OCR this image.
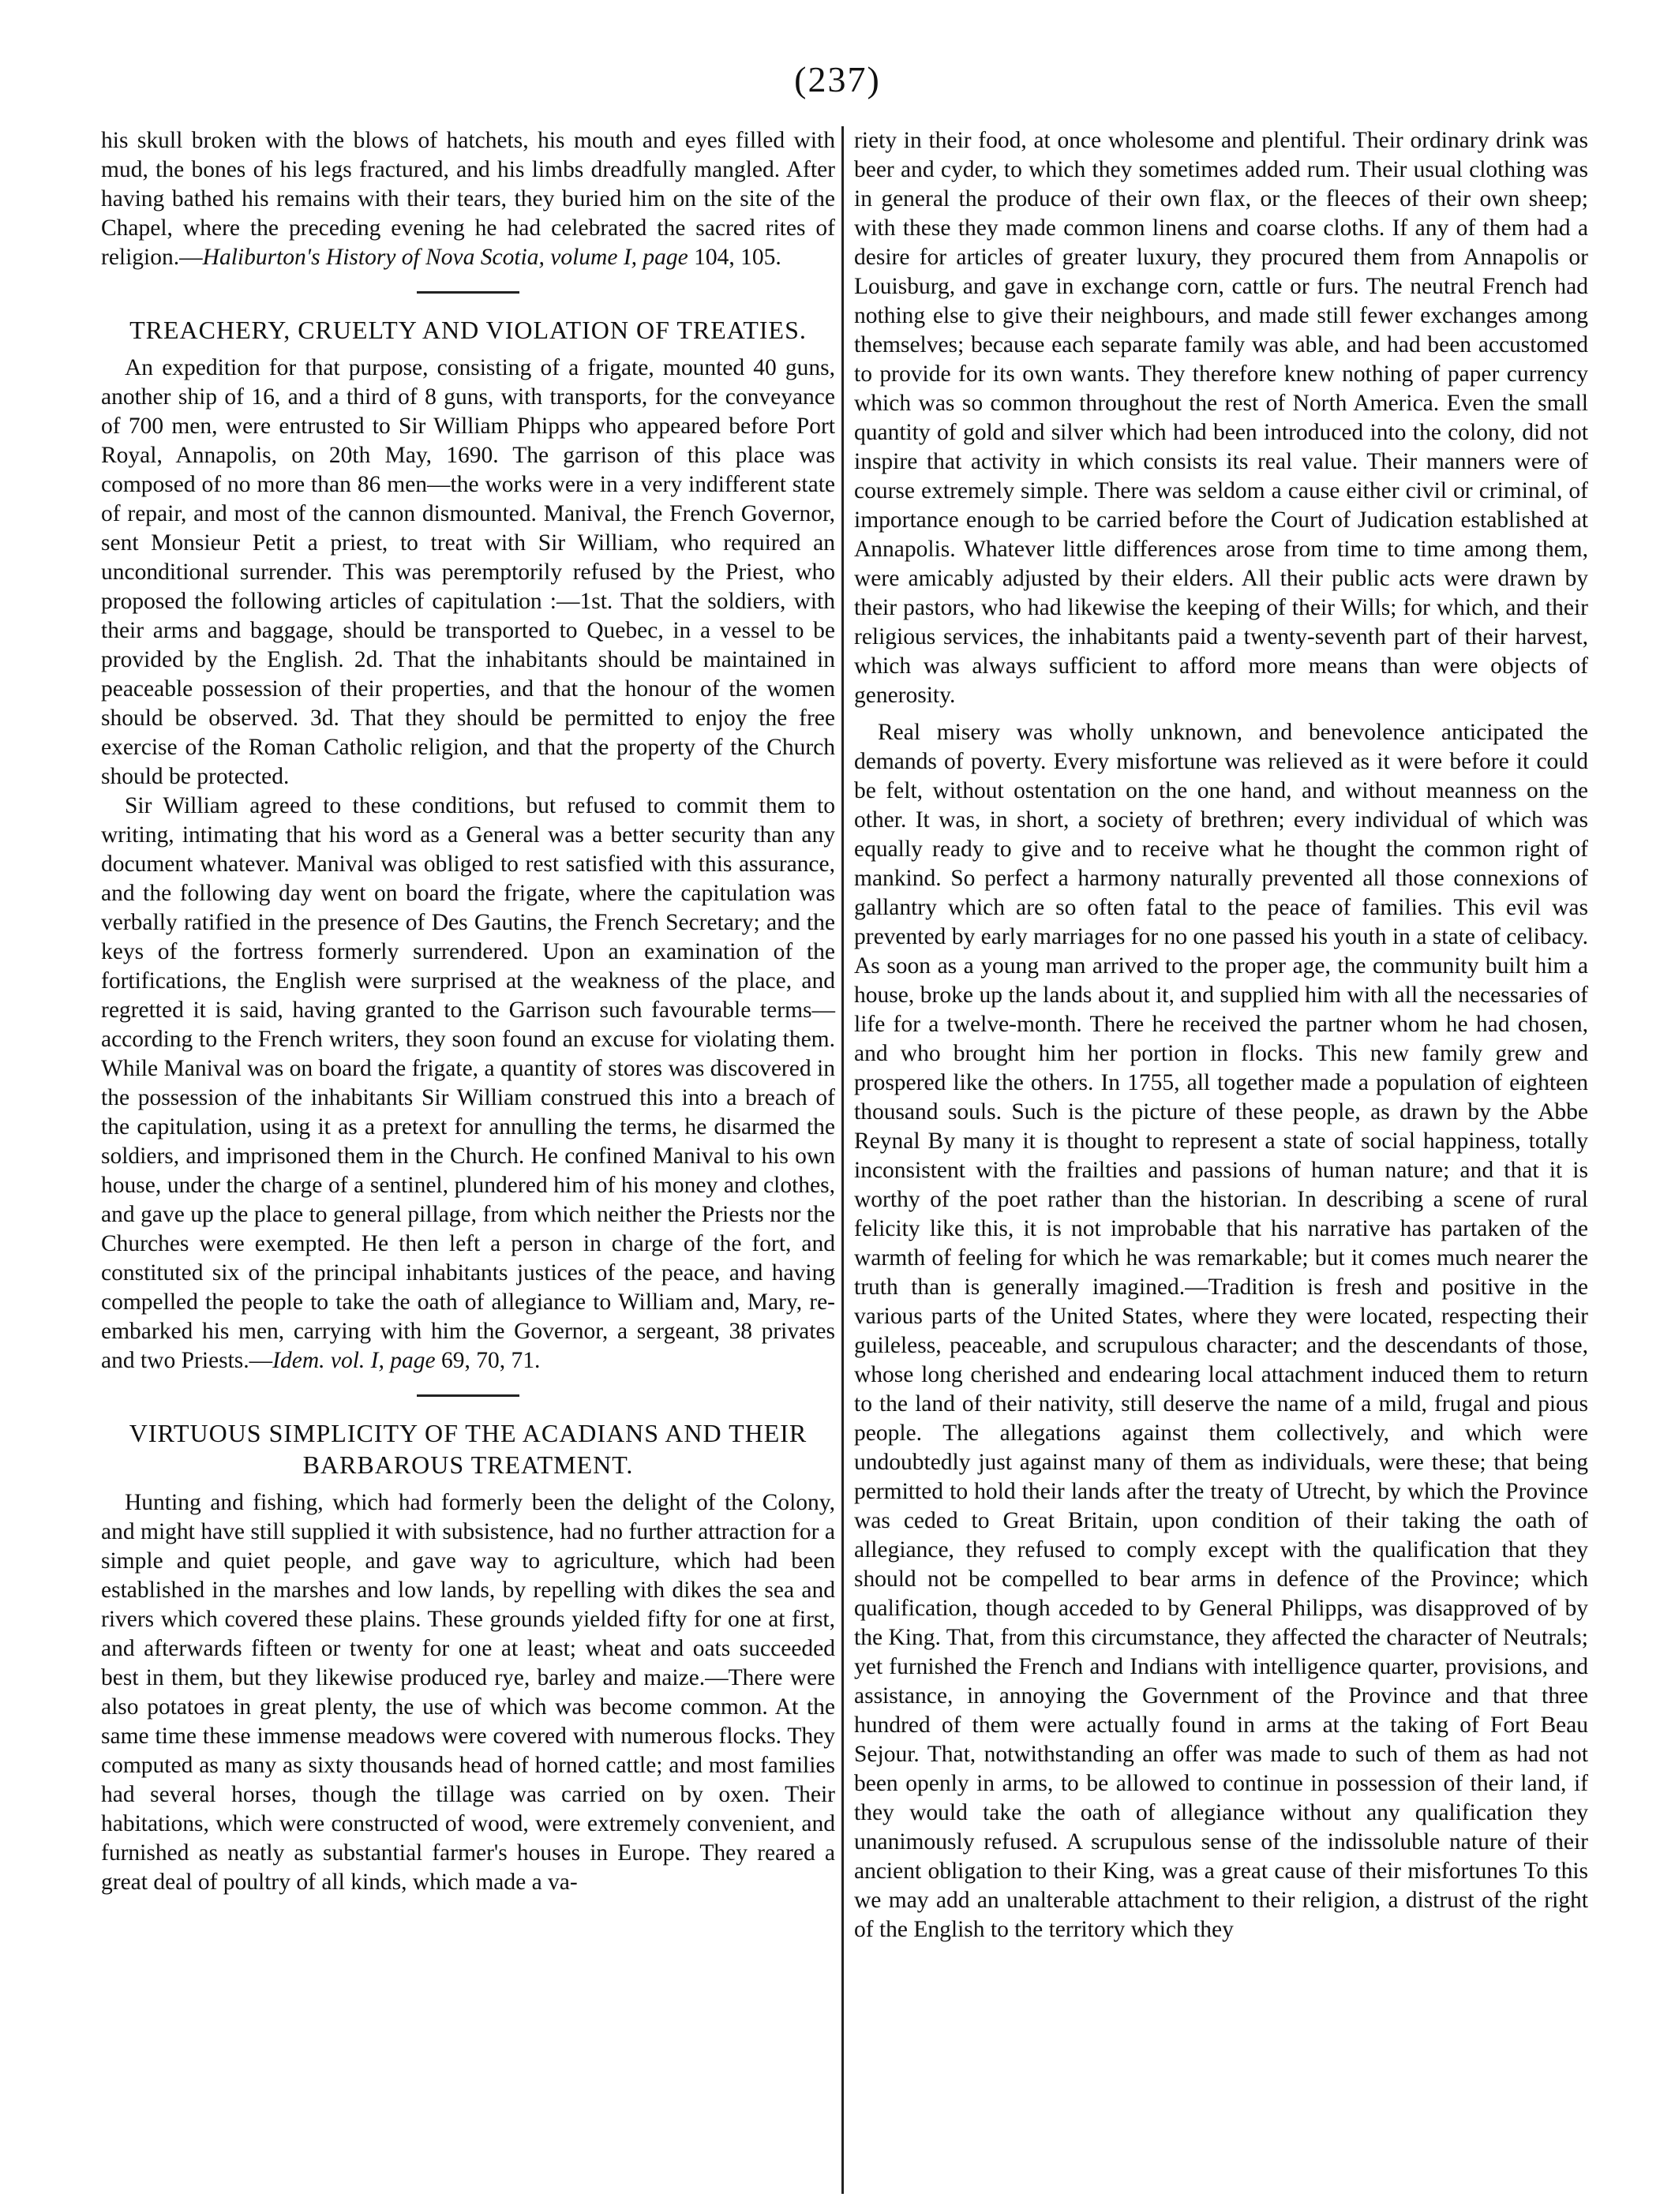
(237)

his skull broken with the blows of hatchets, his mouth and eyes filled with mud, the bones of his legs fractured, and his limbs dreadfully mangled. After having bathed his remains with their tears, they buried him on the site of the Chapel, where the preceding evening he had celebrated the sacred rites of religion.—Haliburton's History of Nova Scotia, volume I, page 104, 105.

TREACHERY, CRUELTY AND VIOLATION OF TREATIES.

An expedition for that purpose, consisting of a frigate, mounted 40 guns, another ship of 16, and a third of 8 guns, with transports, for the conveyance of 700 men, were entrusted to Sir William Phipps who appeared before Port Royal, Annapolis, on 20th May, 1690. The garrison of this place was composed of no more than 86 men—the works were in a very indifferent state of repair, and most of the cannon dismounted. Manival, the French Governor, sent Monsieur Petit a priest, to treat with Sir William, who required an unconditional surrender. This was peremptorily refused by the Priest, who proposed the following articles of capitulation :—1st. That the soldiers, with their arms and baggage, should be transported to Quebec, in a vessel to be provided by the English. 2d. That the inhabitants should be maintained in peaceable possession of their properties, and that the honour of the women should be observed. 3d. That they should be permitted to enjoy the free exercise of the Roman Catholic religion, and that the property of the Church should be protected.

Sir William agreed to these conditions, but refused to commit them to writing, intimating that his word as a General was a better security than any document whatever. Manival was obliged to rest satisfied with this assurance, and the following day went on board the frigate, where the capitulation was verbally ratified in the presence of Des Gautins, the French Secretary; and the keys of the fortress formerly surrendered. Upon an examination of the fortifications, the English were surprised at the weakness of the place, and regretted it is said, having granted to the Garrison such favourable terms—according to the French writers, they soon found an excuse for violating them. While Manival was on board the frigate, a quantity of stores was discovered in the possession of the inhabitants Sir William construed this into a breach of the capitulation, using it as a pretext for annulling the terms, he disarmed the soldiers, and imprisoned them in the Church. He confined Manival to his own house, under the charge of a sentinel, plundered him of his money and clothes, and gave up the place to general pillage, from which neither the Priests nor the Churches were exempted. He then left a person in charge of the fort, and constituted six of the principal inhabitants justices of the peace, and having compelled the people to take the oath of allegiance to William and, Mary, re-embarked his men, carrying with him the Governor, a sergeant, 38 privates and two Priests.—Idem. vol. I, page 69, 70, 71.

VIRTUOUS SIMPLICITY OF THE ACADIANS AND THEIR BARBAROUS TREATMENT.

Hunting and fishing, which had formerly been the delight of the Colony, and might have still supplied it with subsistence, had no further attraction for a simple and quiet people, and gave way to agriculture, which had been established in the marshes and low lands, by repelling with dikes the sea and rivers which covered these plains. These grounds yielded fifty for one at first, and afterwards fifteen or twenty for one at least; wheat and oats succeeded best in them, but they likewise produced rye, barley and maize.—There were also potatoes in great plenty, the use of which was become common. At the same time these immense meadows were covered with numerous flocks. They computed as many as sixty thousands head of horned cattle; and most families had several horses, though the tillage was carried on by oxen. Their habitations, which were constructed of wood, were extremely convenient, and furnished as neatly as substantial farmer's houses in Europe. They reared a great deal of poultry of all kinds, which made a va-

riety in their food, at once wholesome and plentiful. Their ordinary drink was beer and cyder, to which they sometimes added rum. Their usual clothing was in general the produce of their own flax, or the fleeces of their own sheep; with these they made common linens and coarse cloths. If any of them had a desire for articles of greater luxury, they procured them from Annapolis or Louisburg, and gave in exchange corn, cattle or furs. The neutral French had nothing else to give their neighbours, and made still fewer exchanges among themselves; because each separate family was able, and had been accustomed to provide for its own wants. They therefore knew nothing of paper currency which was so common throughout the rest of North America. Even the small quantity of gold and silver which had been introduced into the colony, did not inspire that activity in which consists its real value. Their manners were of course extremely simple. There was seldom a cause either civil or criminal, of importance enough to be carried before the Court of Judication established at Annapolis. Whatever little differences arose from time to time among them, were amicably adjusted by their elders. All their public acts were drawn by their pastors, who had likewise the keeping of their Wills; for which, and their religious services, the inhabitants paid a twenty-seventh part of their harvest, which was always sufficient to afford more means than were objects of generosity.

Real misery was wholly unknown, and benevolence anticipated the demands of poverty. Every misfortune was relieved as it were before it could be felt, without ostentation on the one hand, and without meanness on the other. It was, in short, a society of brethren; every individual of which was equally ready to give and to receive what he thought the common right of mankind. So perfect a harmony naturally prevented all those connexions of gallantry which are so often fatal to the peace of families. This evil was prevented by early marriages for no one passed his youth in a state of celibacy. As soon as a young man arrived to the proper age, the community built him a house, broke up the lands about it, and supplied him with all the necessaries of life for a twelve-month. There he received the partner whom he had chosen, and who brought him her portion in flocks. This new family grew and prospered like the others. In 1755, all together made a population of eighteen thousand souls. Such is the picture of these people, as drawn by the Abbe Reynal By many it is thought to represent a state of social happiness, totally inconsistent with the frailties and passions of human nature; and that it is worthy of the poet rather than the historian. In describing a scene of rural felicity like this, it is not improbable that his narrative has partaken of the warmth of feeling for which he was remarkable; but it comes much nearer the truth than is generally imagined.—Tradition is fresh and positive in the various parts of the United States, where they were located, respecting their guileless, peaceable, and scrupulous character; and the descendants of those, whose long cherished and endearing local attachment induced them to return to the land of their nativity, still deserve the name of a mild, frugal and pious people. The allegations against them collectively, and which were undoubtedly just against many of them as individuals, were these; that being permitted to hold their lands after the treaty of Utrecht, by which the Province was ceded to Great Britain, upon condition of their taking the oath of allegiance, they refused to comply except with the qualification that they should not be compelled to bear arms in defence of the Province; which qualification, though acceded to by General Philipps, was disapproved of by the King. That, from this circumstance, they affected the character of Neutrals; yet furnished the French and Indians with intelligence quarter, provisions, and assistance, in annoying the Government of the Province and that three hundred of them were actually found in arms at the taking of Fort Beau Sejour. That, notwithstanding an offer was made to such of them as had not been openly in arms, to be allowed to continue in possession of their land, if they would take the oath of allegiance without any qualification they unanimously refused. A scrupulous sense of the indissoluble nature of their ancient obligation to their King, was a great cause of their misfortunes To this we may add an unalterable attachment to their religion, a distrust of the right of the English to the territory which they
